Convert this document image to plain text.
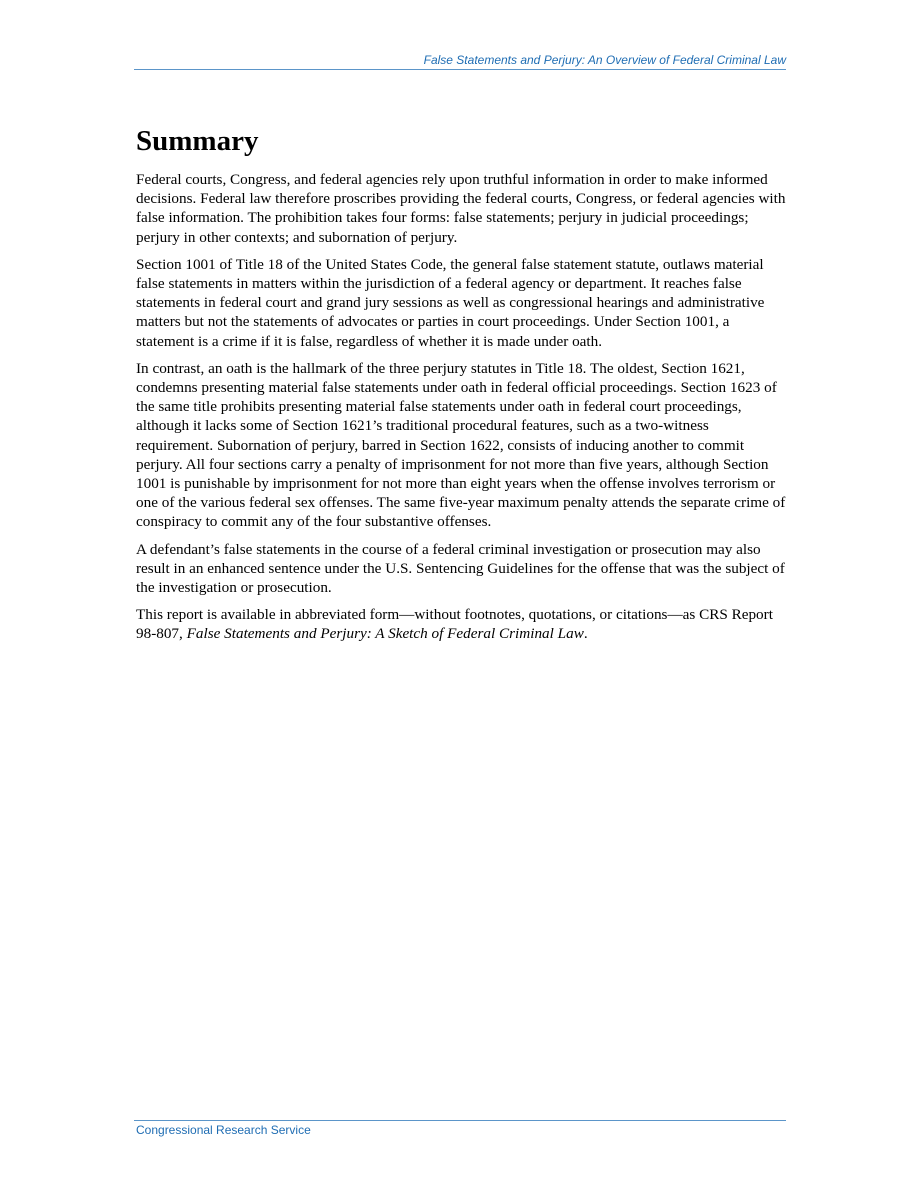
False Statements and Perjury: An Overview of Federal Criminal Law
Summary

Federal courts, Congress, and federal agencies rely upon truthful information in order to make informed decisions. Federal law therefore proscribes providing the federal courts, Congress, or federal agencies with false information. The prohibition takes four forms: false statements; perjury in judicial proceedings; perjury in other contexts; and subornation of perjury.

Section 1001 of Title 18 of the United States Code, the general false statement statute, outlaws material false statements in matters within the jurisdiction of a federal agency or department. It reaches false statements in federal court and grand jury sessions as well as congressional hearings and administrative matters but not the statements of advocates or parties in court proceedings. Under Section 1001, a statement is a crime if it is false, regardless of whether it is made under oath.

In contrast, an oath is the hallmark of the three perjury statutes in Title 18. The oldest, Section 1621, condemns presenting material false statements under oath in federal official proceedings. Section 1623 of the same title prohibits presenting material false statements under oath in federal court proceedings, although it lacks some of Section 1621’s traditional procedural features, such as a two-witness requirement. Subornation of perjury, barred in Section 1622, consists of inducing another to commit perjury. All four sections carry a penalty of imprisonment for not more than five years, although Section 1001 is punishable by imprisonment for not more than eight years when the offense involves terrorism or one of the various federal sex offenses. The same five-year maximum penalty attends the separate crime of conspiracy to commit any of the four substantive offenses.

A defendant’s false statements in the course of a federal criminal investigation or prosecution may also result in an enhanced sentence under the U.S. Sentencing Guidelines for the offense that was the subject of the investigation or prosecution.

This report is available in abbreviated form—without footnotes, quotations, or citations—as CRS Report 98-807, False Statements and Perjury: A Sketch of Federal Criminal Law.

Congressional Research Service
